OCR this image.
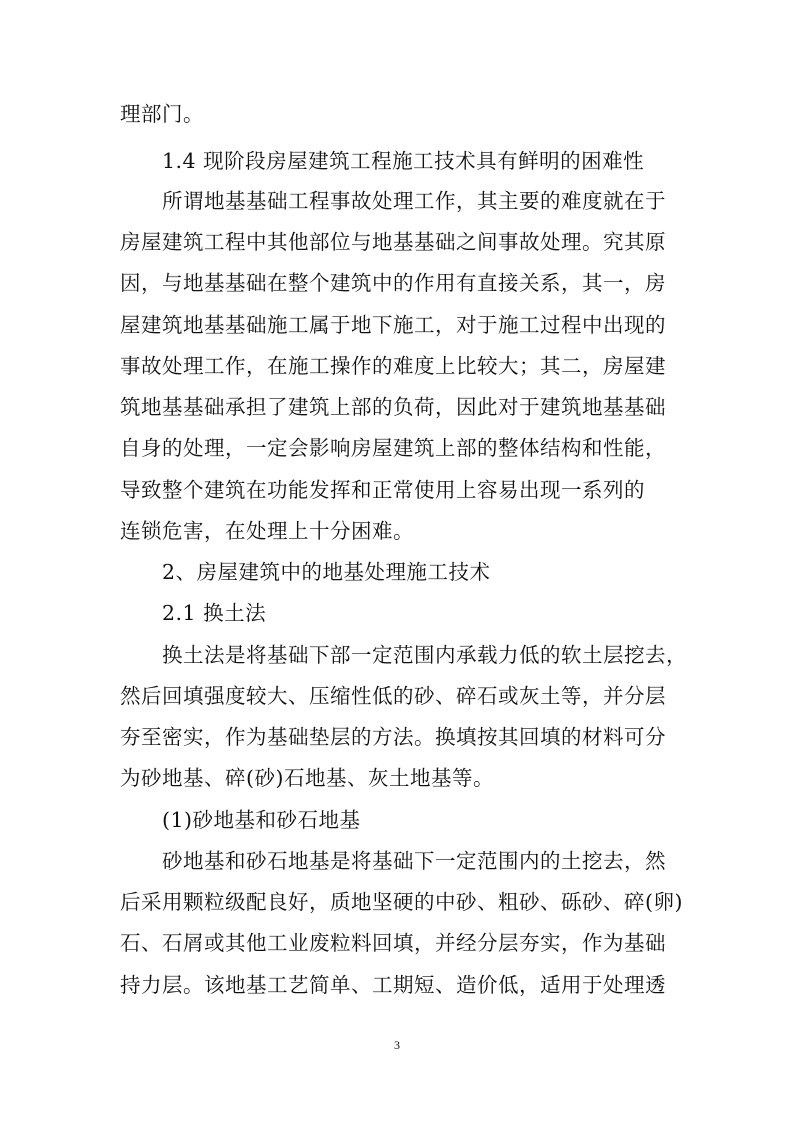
理部门。
1.4 现阶段房屋建筑工程施工技术具有鲜明的困难性
所谓地基基础工程事故处理工作，其主要的难度就在于
房屋建筑工程中其他部位与地基基础之间事故处理。究其原
因，与地基基础在整个建筑中的作用有直接关系，其一，房
屋建筑地基基础施工属于地下施工，对于施工过程中出现的
事故处理工作，在施工操作的难度上比较大；其二，房屋建
筑地基基础承担了建筑上部的负荷，因此对于建筑地基基础
自身的处理，一定会影响房屋建筑上部的整体结构和性能，
导致整个建筑在功能发挥和正常使用上容易出现一系列的
连锁危害，在处理上十分困难。
2、房屋建筑中的地基处理施工技术
2.1 换土法
换土法是将基础下部一定范围内承载力低的软土层挖去，
然后回填强度较大、压缩性低的砂、碎石或灰土等，并分层
夯至密实，作为基础垫层的方法。换填按其回填的材料可分
为砂地基、碎(砂)石地基、灰土地基等。
(1)砂地基和砂石地基
砂地基和砂石地基是将基础下一定范围内的土挖去，然
后采用颗粒级配良好，质地坚硬的中砂、粗砂、砾砂、碎(卵)
石、石屑或其他工业废粒料回填，并经分层夯实，作为基础
持力层。该地基工艺简单、工期短、造价低，适用于处理透
3
